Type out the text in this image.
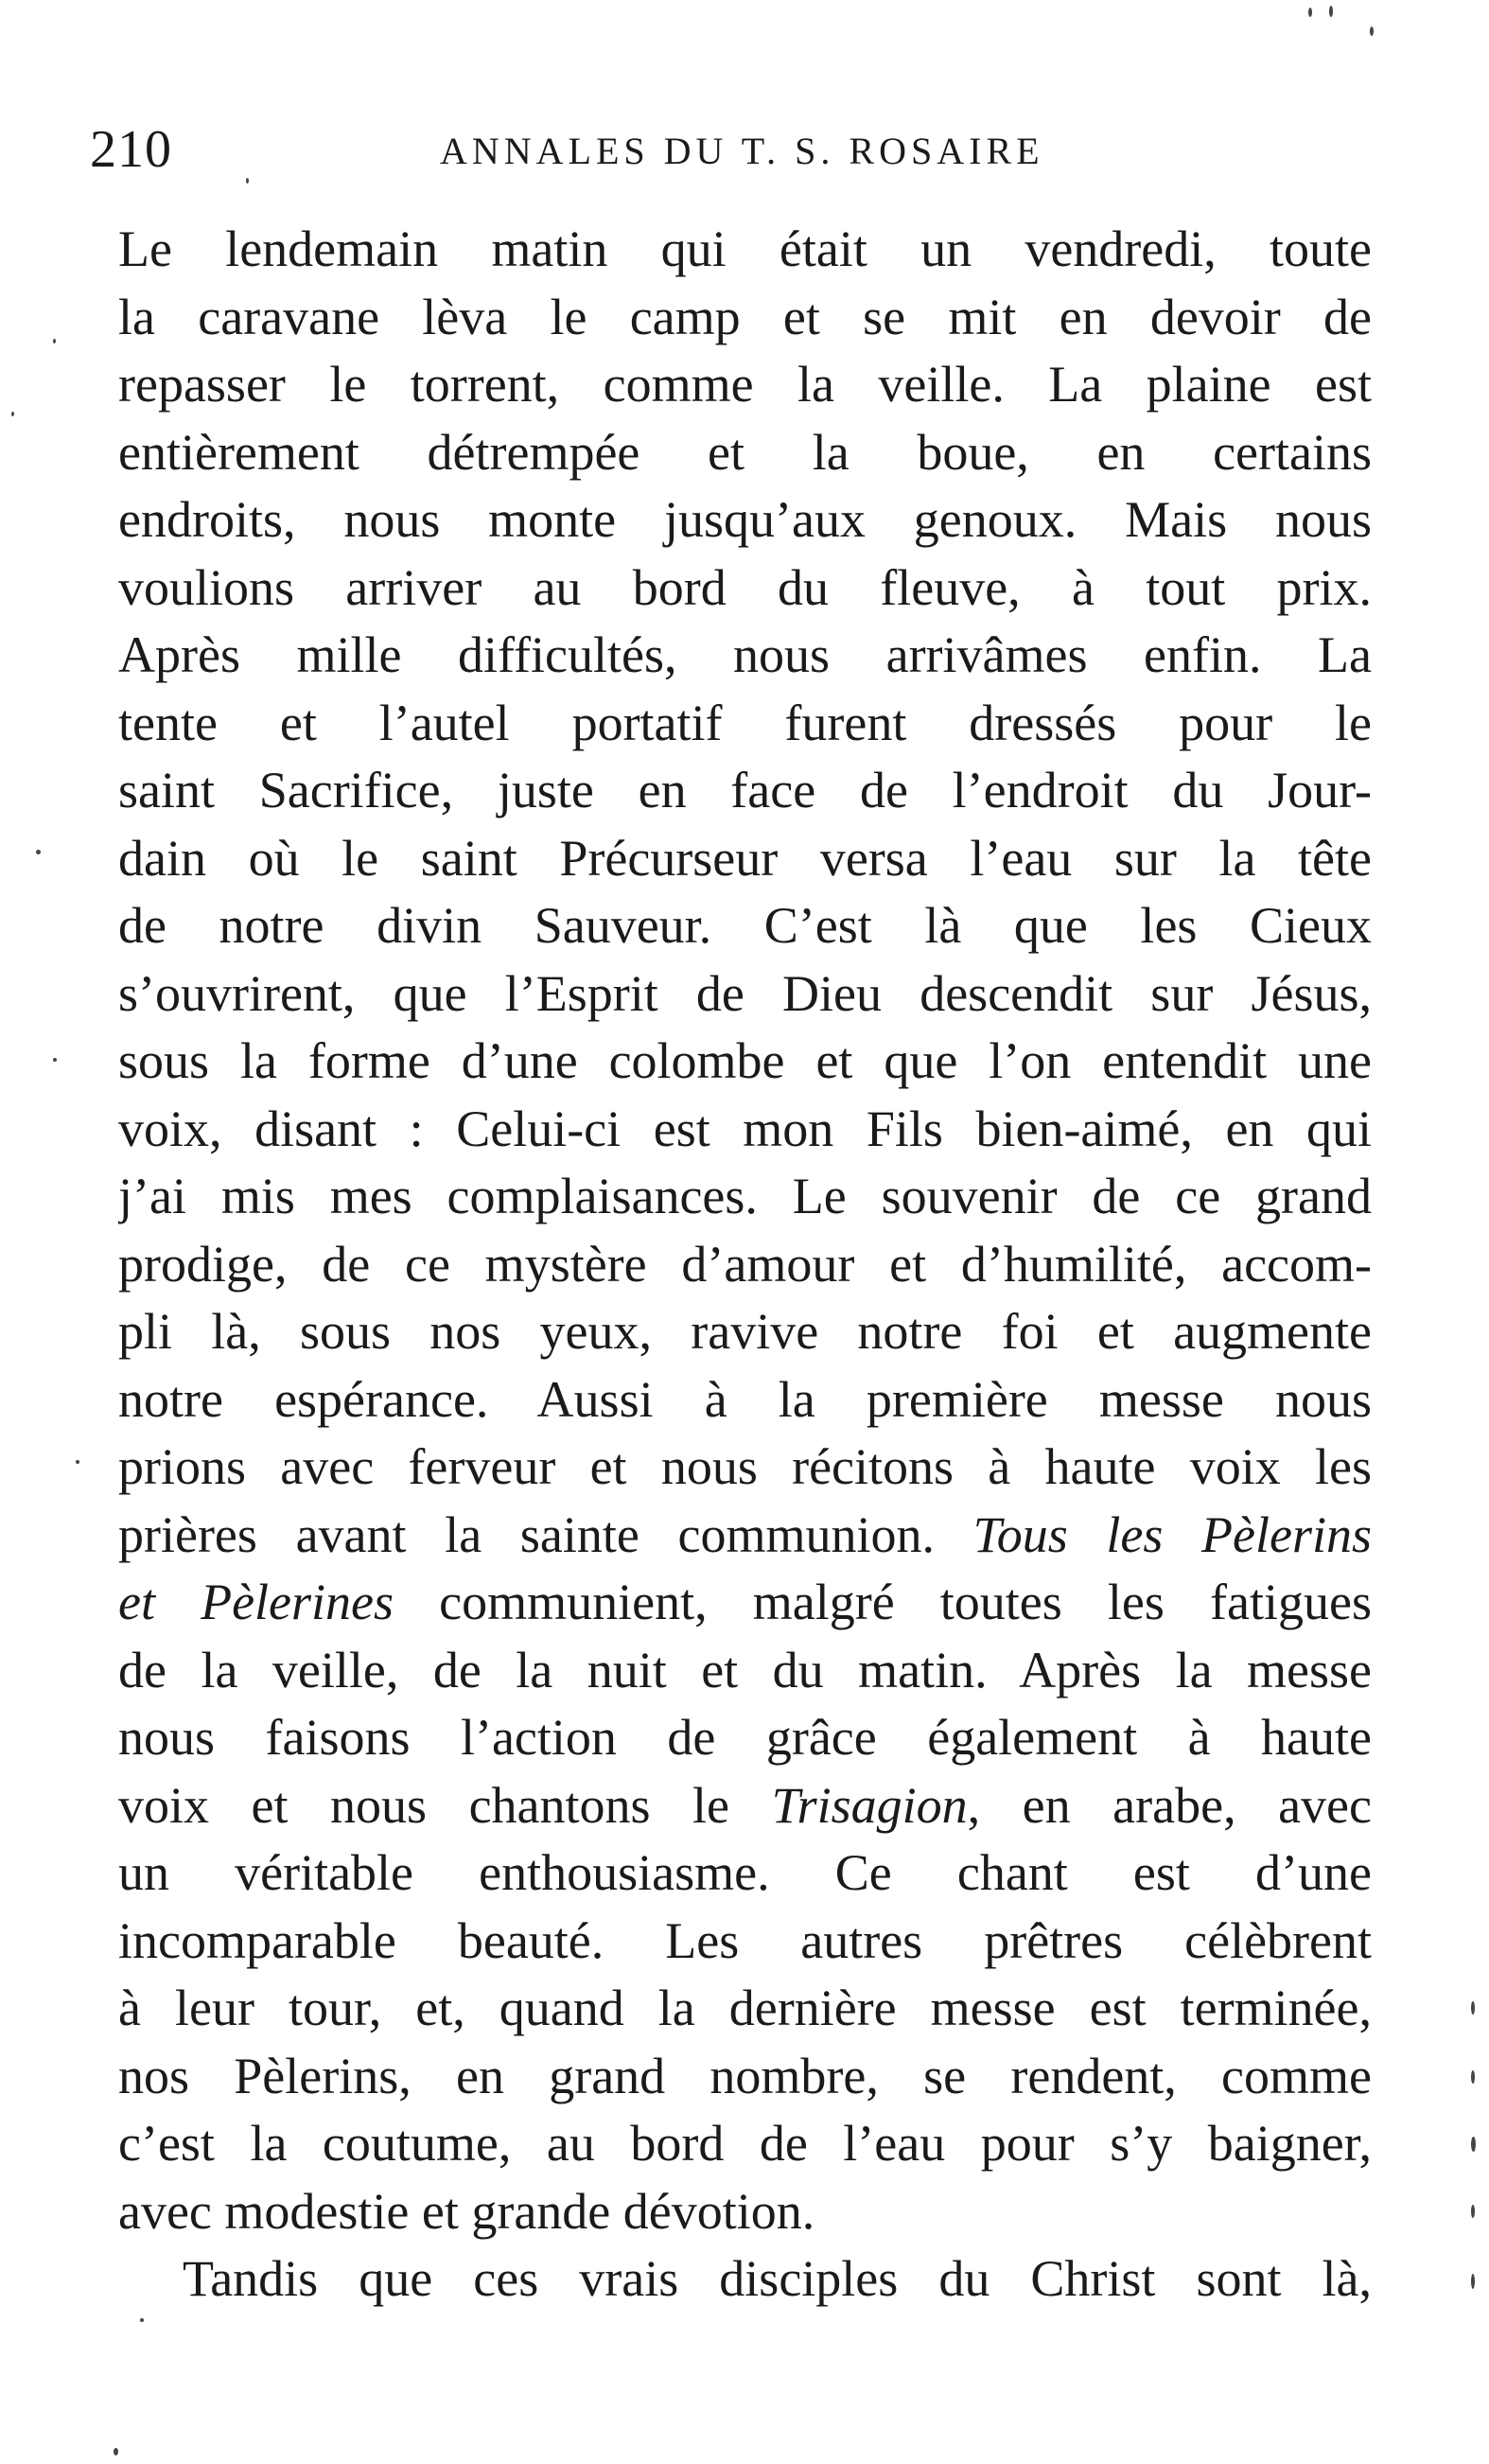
210	ANNALES DU T. S. ROSAIRE
Le lendemain matin qui était un vendredi, toute
la caravane lèva le camp et se mit en devoir de
repasser le torrent, comme la veille. La plaine est
entièrement détrempée et la boue, en certains
endroits, nous monte jusqu’aux genoux. Mais nous
voulions arriver au bord du fleuve, à tout prix.
Après mille difficultés, nous arrivâmes enfin. La
tente et l’autel portatif furent dressés pour le
saint Sacrifice, juste en face de l’endroit du Jour-
dain où le saint Précurseur versa l’eau sur la tête
de notre divin Sauveur. C’est là que les Cieux
s’ouvrirent, que l’Esprit de Dieu descendit sur Jésus,
sous la forme d’une colombe et que l’on entendit une
voix, disant : Celui-ci est mon Fils bien-aimé, en qui
j’ai mis mes complaisances. Le souvenir de ce grand
prodige, de ce mystère d’amour et d’humilité, accom-
pli là, sous nos yeux, ravive notre foi et augmente
notre espérance. Aussi à la première messe nous
prions avec ferveur et nous récitons à haute voix les
prières avant la sainte communion. Tous les Pèlerins
et Pèlerines communient, malgré toutes les fatigues
de la veille, de la nuit et du matin. Après la messe
nous faisons l’action de grâce également à haute
voix et nous chantons le Trisagion, en arabe, avec
un véritable enthousiasme. Ce chant est d’une
incomparable beauté. Les autres prêtres célèbrent
à leur tour, et, quand la dernière messe est terminée,
nos Pèlerins, en grand nombre, se rendent, comme
c’est la coutume, au bord de l’eau pour s’y baigner,
avec modestie et grande dévotion.
Tandis que ces vrais disciples du Christ sont là,
